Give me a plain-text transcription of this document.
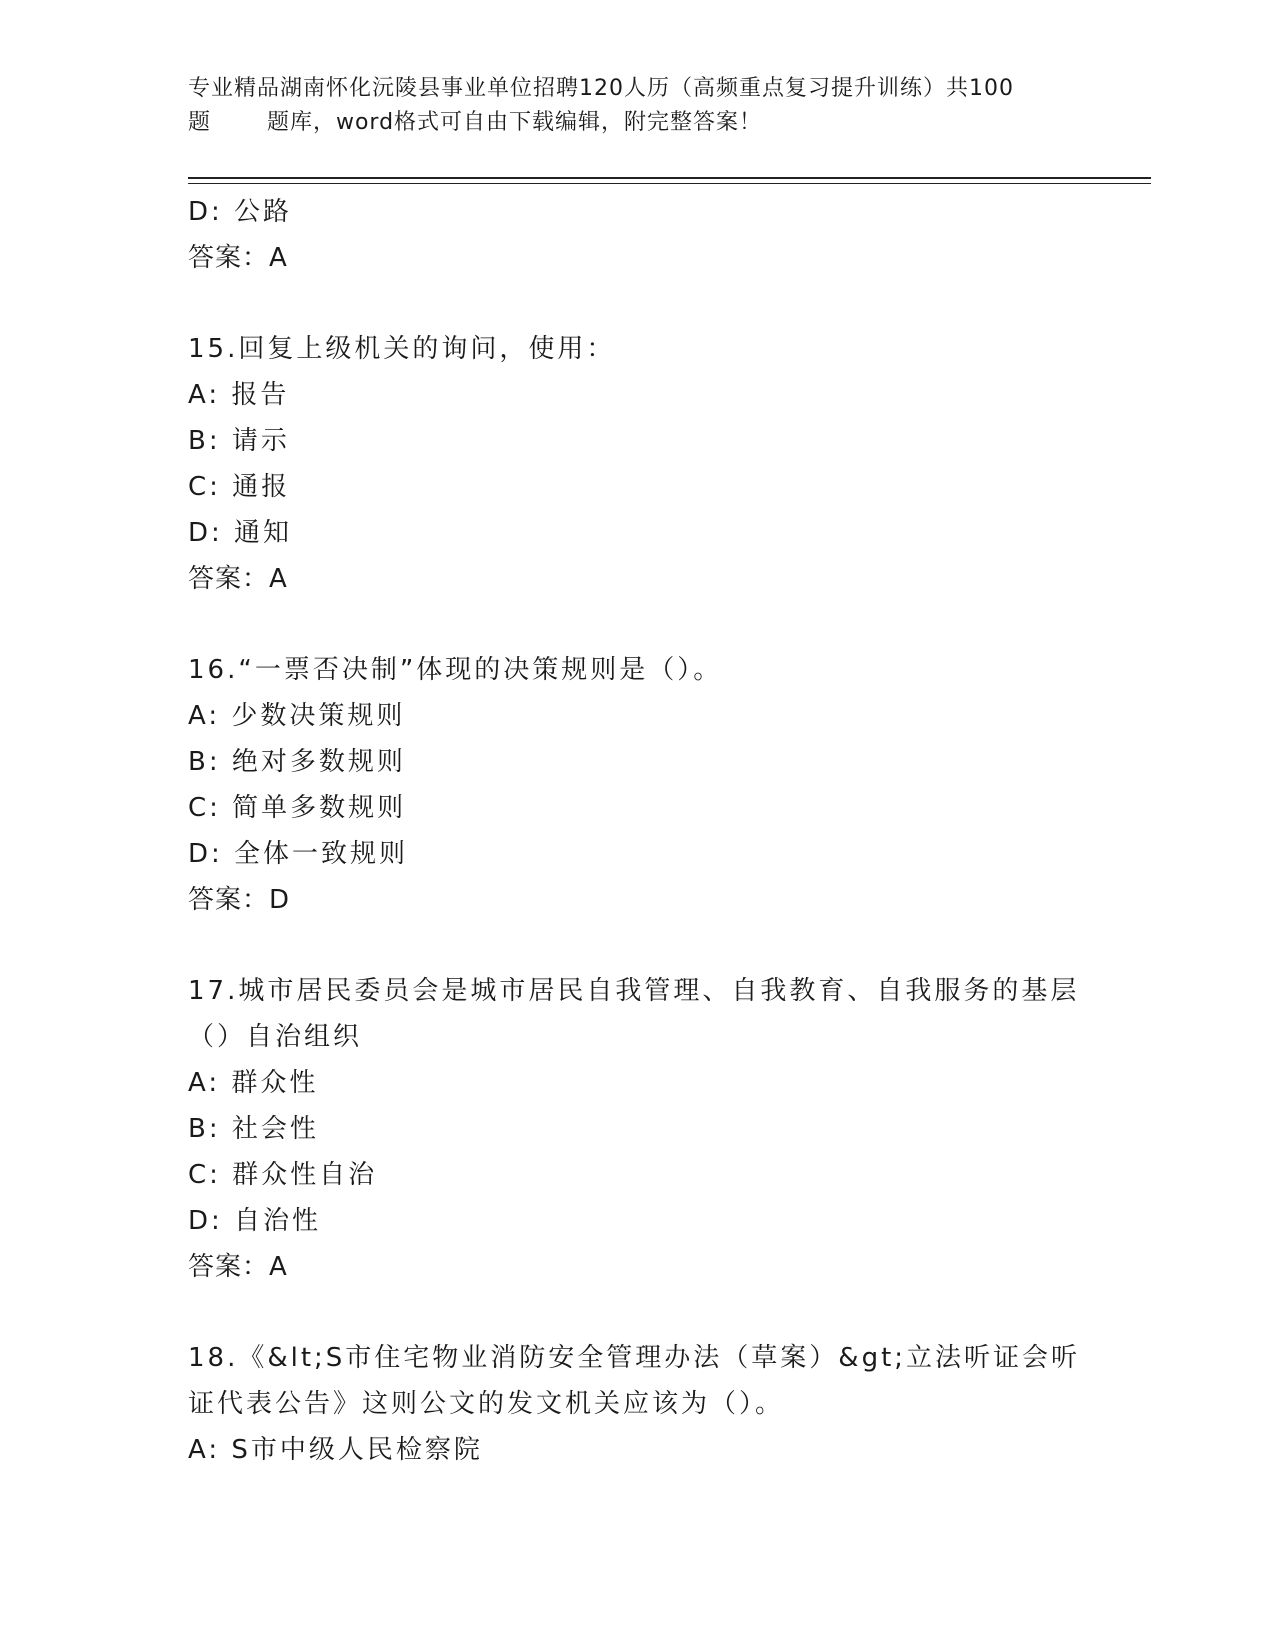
专业精品湖南怀化沅陵县事业单位招聘120人历（高频重点复习提升训练）共100
题       题库，word格式可自由下载编辑，附完整答案！
D: 公路
答案：A
15.回复上级机关的询问，使用：
A: 报告
B: 请示
C: 通报
D: 通知
答案：A
16.“一票否决制”体现的决策规则是（）。
A: 少数决策规则
B: 绝对多数规则
C: 简单多数规则
D: 全体一致规则
答案：D
17.城市居民委员会是城市居民自我管理、自我教育、自我服务的基层
（）自治组织
A: 群众性
B: 社会性
C: 群众性自治
D: 自治性
答案：A
18.《&lt;S市住宅物业消防安全管理办法（草案）&gt;立法听证会听
证代表公告》这则公文的发文机关应该为（）。
A: S市中级人民检察院
